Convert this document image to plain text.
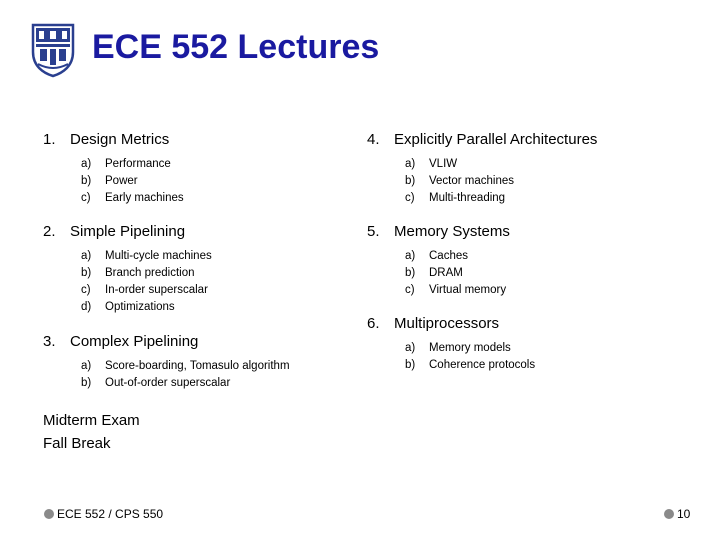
ECE 552 Lectures
1. Design Metrics
a) Performance
b) Power
c) Early machines
2. Simple Pipelining
a) Multi-cycle machines
b) Branch prediction
c) In-order superscalar
d) Optimizations
3. Complex Pipelining
a) Score-boarding, Tomasulo algorithm
b) Out-of-order superscalar
4. Explicitly Parallel Architectures
a) VLIW
b) Vector machines
c) Multi-threading
5. Memory Systems
a) Caches
b) DRAM
c) Virtual memory
6. Multiprocessors
a) Memory models
b) Coherence protocols
Midterm Exam
Fall Break
ECE 552 / CPS 550	10
